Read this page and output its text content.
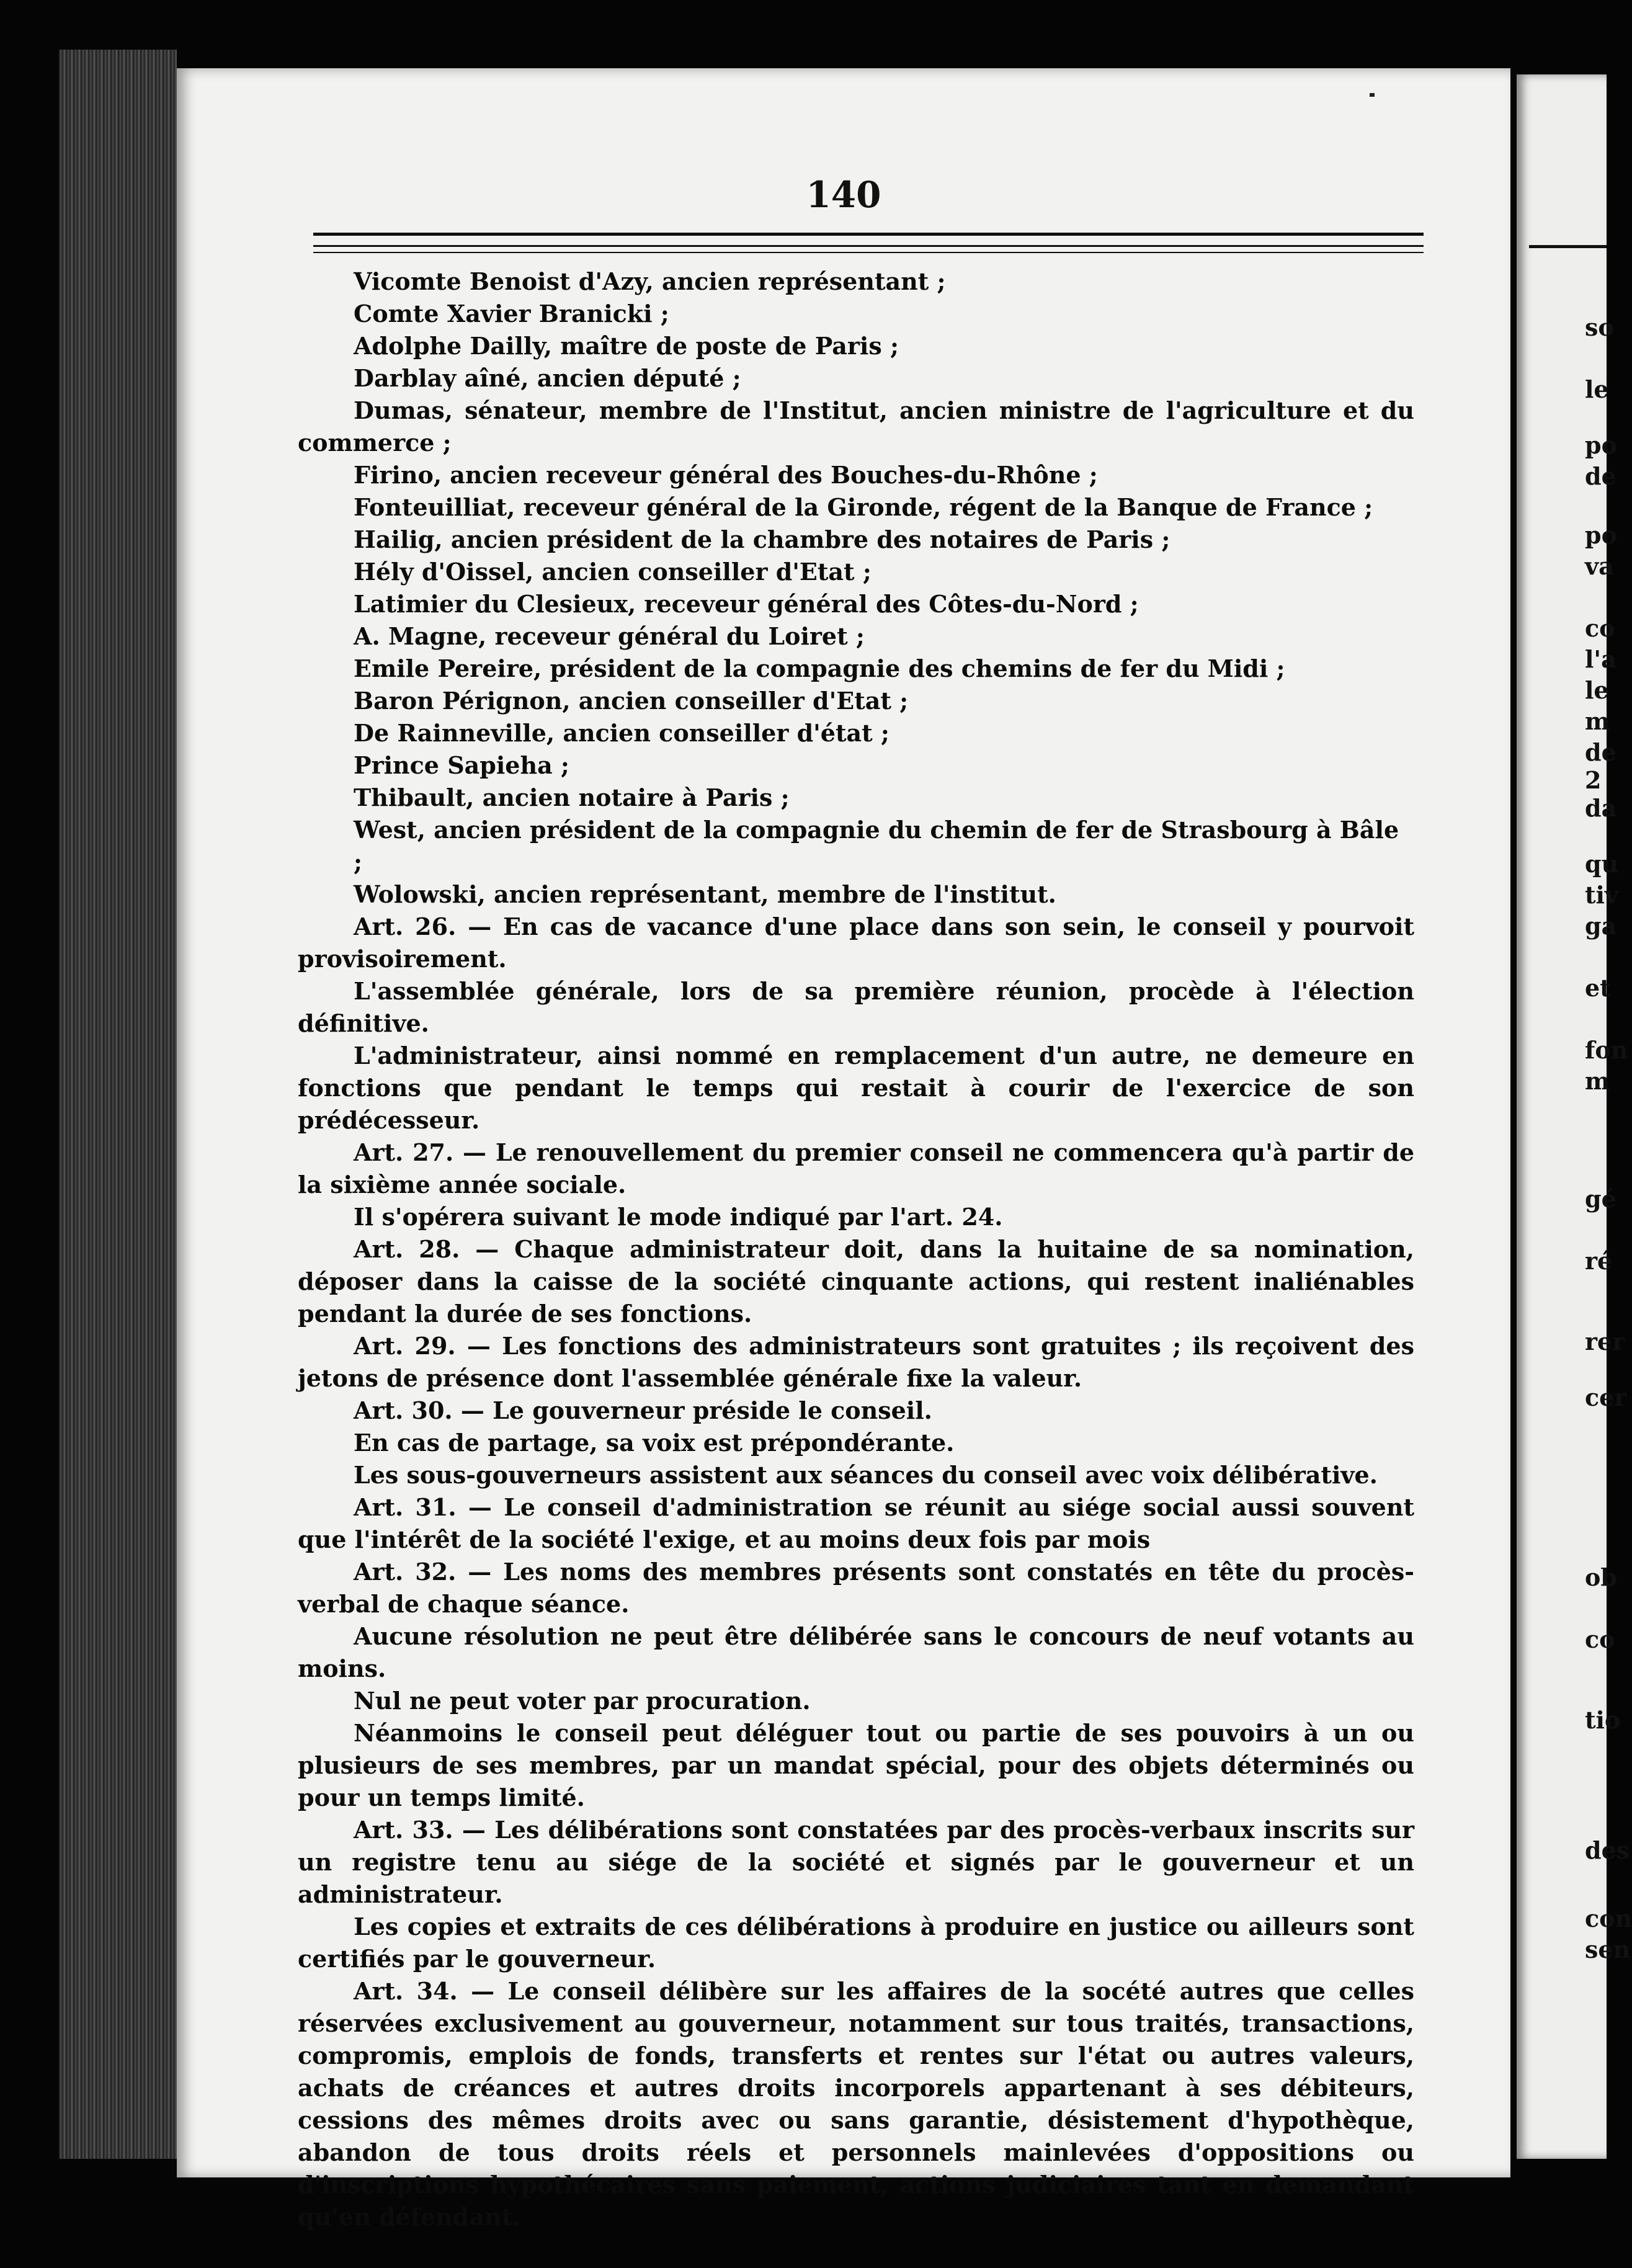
140

Vicomte Benoist d'Azy, ancien représentant ;

Comte Xavier Branicki ;

Adolphe Dailly, maître de poste de Paris ;

Darblay aîné, ancien député ;

Dumas, sénateur, membre de l'Institut, ancien ministre de l'agriculture et du commerce ;

Firino, ancien receveur général des Bouches-du-Rhône ;

Fonteuilliat, receveur général de la Gironde, régent de la Banque de France ;

Hailig, ancien président de la chambre des notaires de Paris ;

Hély d'Oissel, ancien conseiller d'Etat ;

Latimier du Clesieux, receveur général des Côtes-du-Nord ;

A. Magne, receveur général du Loiret ;

Emile Pereire, président de la compagnie des chemins de fer du Midi ;

Baron Pérignon, ancien conseiller d'Etat ;

De Rainneville, ancien conseiller d'état ;

Prince Sapieha ;

Thibault, ancien notaire à Paris ;

West, ancien président de la compagnie du chemin de fer de Strasbourg à Bâle ;

Wolowski, ancien représentant, membre de l'institut.

Art. 26. — En cas de vacance d'une place dans son sein, le conseil y pourvoit provisoirement.

L'assemblée générale, lors de sa première réunion, procède à l'élection définitive.

L'administrateur, ainsi nommé en remplacement d'un autre, ne demeure en fonctions que pendant le temps qui restait à courir de l'exercice de son prédécesseur.

Art. 27. — Le renouvellement du premier conseil ne commencera qu'à partir de la sixième année sociale.

Il s'opérera suivant le mode indiqué par l'art. 24.

Art. 28. — Chaque administrateur doit, dans la huitaine de sa nomination, déposer dans la caisse de la société cinquante actions, qui restent inaliénables pendant la durée de ses fonctions.

Art. 29. — Les fonctions des administrateurs sont gratuites ; ils reçoivent des jetons de présence dont l'assemblée générale fixe la valeur.

Art. 30. — Le gouverneur préside le conseil.

En cas de partage, sa voix est prépondérante.

Les sous-gouverneurs assistent aux séances du conseil avec voix délibérative.

Art. 31. — Le conseil d'administration se réunit au siége social aussi souvent que l'intérêt de la société l'exige, et au moins deux fois par mois

Art. 32. — Les noms des membres présents sont constatés en tête du procès-verbal de chaque séance.

Aucune résolution ne peut être délibérée sans le concours de neuf votants au moins.

Nul ne peut voter par procuration.

Néanmoins le conseil peut déléguer tout ou partie de ses pouvoirs à un ou plusieurs de ses membres, par un mandat spécial, pour des objets déterminés ou pour un temps limité.

Art. 33. — Les délibérations sont constatées par des procès-verbaux inscrits sur un registre tenu au siége de la société et signés par le gouverneur et un administrateur.

Les copies et extraits de ces délibérations à produire en justice ou ailleurs sont certifiés par le gouverneur.

Art. 34. — Le conseil délibère sur les affaires de la socété autres que celles réservées exclusivement au gouverneur, notamment sur tous traités, transactions, compromis, emplois de fonds, transferts et rentes sur l'état ou autres valeurs, achats de créances et autres droits incorporels appartenant à ses débiteurs, cessions des mêmes droits avec ou sans garantie, désistement d'hypothèque, abandon de tous droits réels et personnels mainlevées d'oppositions ou d'inscriptions hypothécaires sans paiement, actions judiciaires tant en demandant qu'en défendant.

so
le
po
de
po
va
co
l'a
le
m
de
2
da
qu
tiv
ga
et
fon
m
gé
ré
rer
cer
ob
co
tio
des
con
sen
